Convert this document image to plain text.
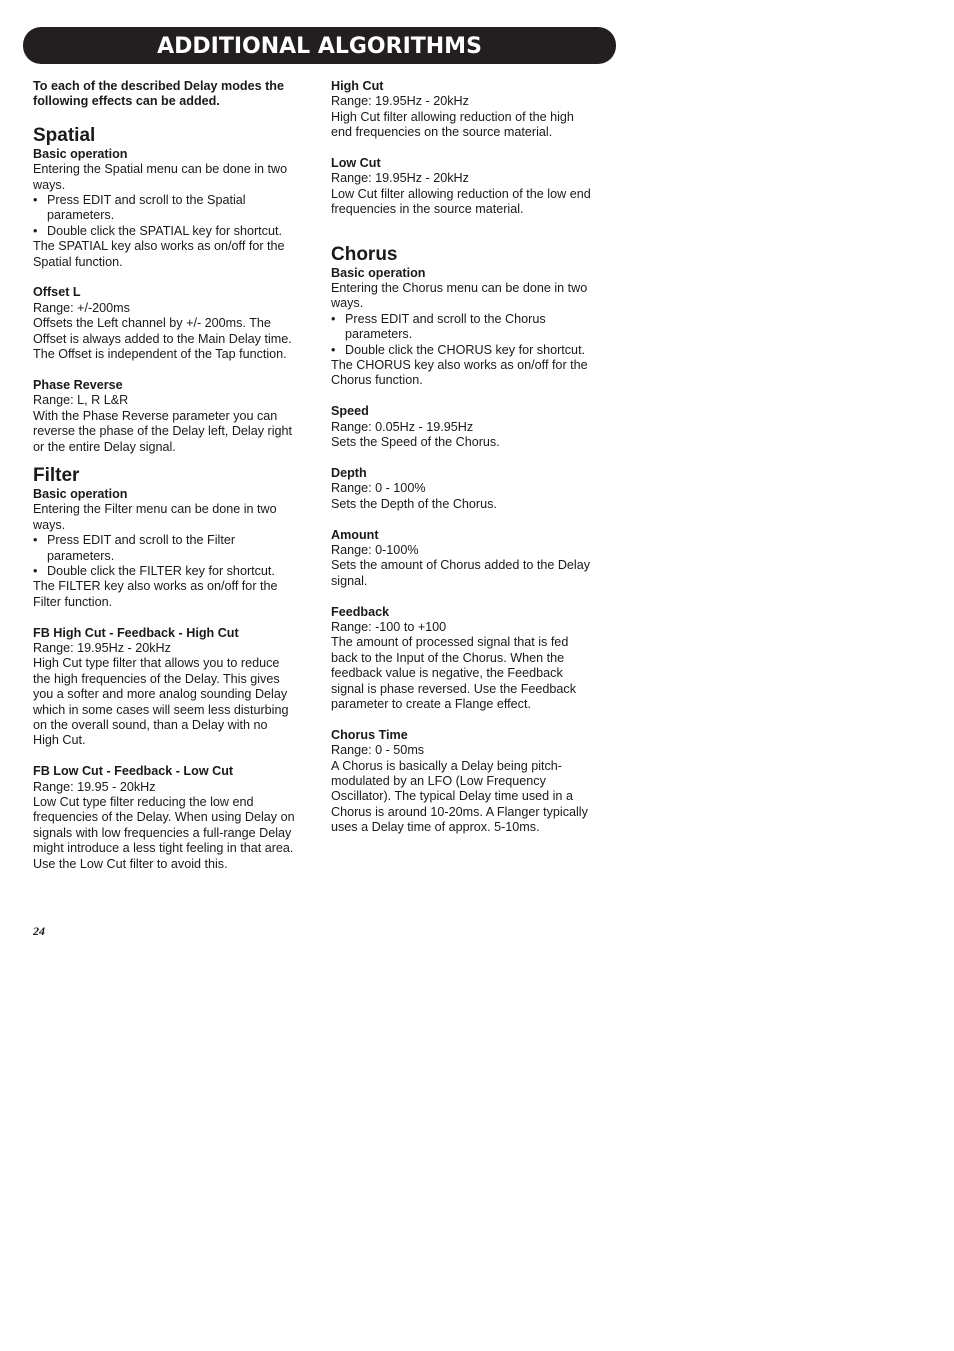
ADDITIONAL ALGORITHMS
To each of the described Delay modes the
following effects can be added.
Spatial
Basic operation
Entering the Spatial menu can be done in two
ways.
• Press EDIT and scroll to the Spatial
parameters.
• Double click the SPATIAL key for shortcut.
The SPATIAL key also works as on/off for the
Spatial function.
Offset L
Range: +/-200ms
Offsets the Left channel by +/- 200ms. The
Offset is always added to the Main Delay time.
The Offset is independent of the Tap function.
Phase Reverse
Range: L, R L&R
With the Phase Reverse parameter you can
reverse the phase of the Delay left, Delay right
or the entire Delay signal.
Filter
Basic operation
Entering the Filter menu can be done in two
ways.
• Press EDIT and scroll to the Filter
parameters.
• Double click the FILTER key for shortcut.
The FILTER key also works as on/off for the
Filter function.
FB High Cut - Feedback - High Cut
Range: 19.95Hz - 20kHz
High Cut type filter that allows you to reduce
the high frequencies of the Delay. This gives
you a softer and more analog sounding Delay
which in some cases will seem less disturbing
on the overall sound, than a Delay with no
High Cut.
FB Low Cut - Feedback - Low Cut
Range: 19.95 - 20kHz
Low Cut type filter reducing the low end
frequencies of the Delay. When using Delay on
signals with low frequencies a full-range Delay
might introduce a less tight feeling in that area.
Use the Low Cut filter to avoid this.
High Cut
Range: 19.95Hz - 20kHz
High Cut filter allowing reduction of the high
end frequencies on the source material.
Low Cut
Range: 19.95Hz - 20kHz
Low Cut filter allowing reduction of the low end
frequencies in the source material.
Chorus
Basic operation
Entering the Chorus menu can be done in two
ways.
• Press EDIT and scroll to the Chorus
parameters.
• Double click the CHORUS key for shortcut.
The CHORUS key also works as on/off for the
Chorus function.
Speed
Range: 0.05Hz - 19.95Hz
Sets the Speed of the Chorus.
Depth
Range: 0 - 100%
Sets the Depth of the Chorus.
Amount
Range: 0-100%
Sets the amount of Chorus added to the Delay
signal.
Feedback
Range: -100 to +100
The amount of processed signal that is fed
back to the Input of the Chorus. When the
feedback value is negative, the Feedback
signal is phase reversed. Use the Feedback
parameter to create a Flange effect.
Chorus Time
Range: 0 - 50ms
A Chorus is basically a Delay being pitch-
modulated by an LFO (Low Frequency
Oscillator). The typical Delay time used in a
Chorus is around 10-20ms. A Flanger typically
uses a Delay time of approx. 5-10ms.
24
